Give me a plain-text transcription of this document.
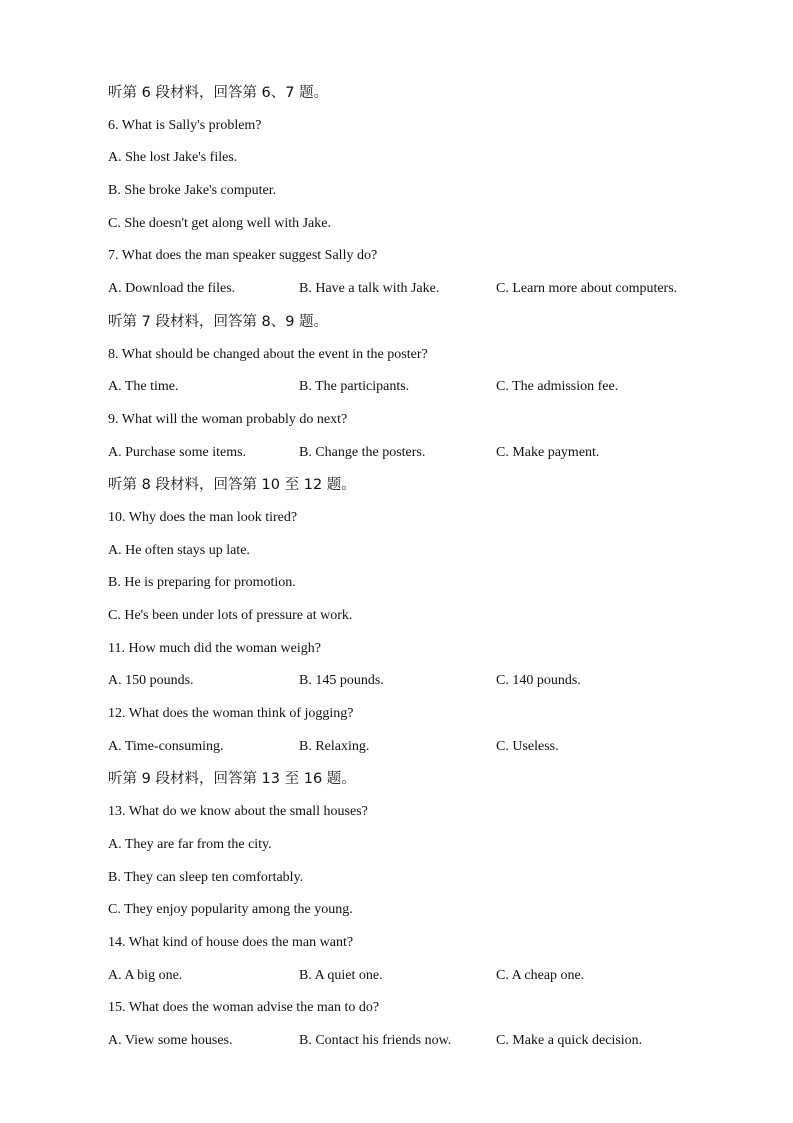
听第 6 段材料，回答第 6、7 题。
6. What is Sally's problem?
A. She lost Jake's files.
B. She broke Jake's computer.
C. She doesn't get along well with Jake.
7. What does the man speaker suggest Sally do?
A. Download the files.	B. Have a talk with Jake.	C. Learn more about computers.
听第 7 段材料，回答第 8、9 题。
8. What should be changed about the event in the poster?
A. The time.	B. The participants.	C. The admission fee.
9. What will the woman probably do next?
A. Purchase some items.	B. Change the posters.	C. Make payment.
听第 8 段材料，回答第 10 至 12 题。
10. Why does the man look tired?
A. He often stays up late.
B. He is preparing for promotion.
C. He's been under lots of pressure at work.
11. How much did the woman weigh?
A. 150 pounds.	B. 145 pounds.	C. 140 pounds.
12. What does the woman think of jogging?
A. Time-consuming.	B. Relaxing.	C. Useless.
听第 9 段材料，回答第 13 至 16 题。
13. What do we know about the small houses?
A. They are far from the city.
B. They can sleep ten comfortably.
C. They enjoy popularity among the young.
14. What kind of house does the man want?
A. A big one.	B. A quiet one.	C. A cheap one.
15. What does the woman advise the man to do?
A. View some houses.	B. Contact his friends now.	C. Make a quick decision.
